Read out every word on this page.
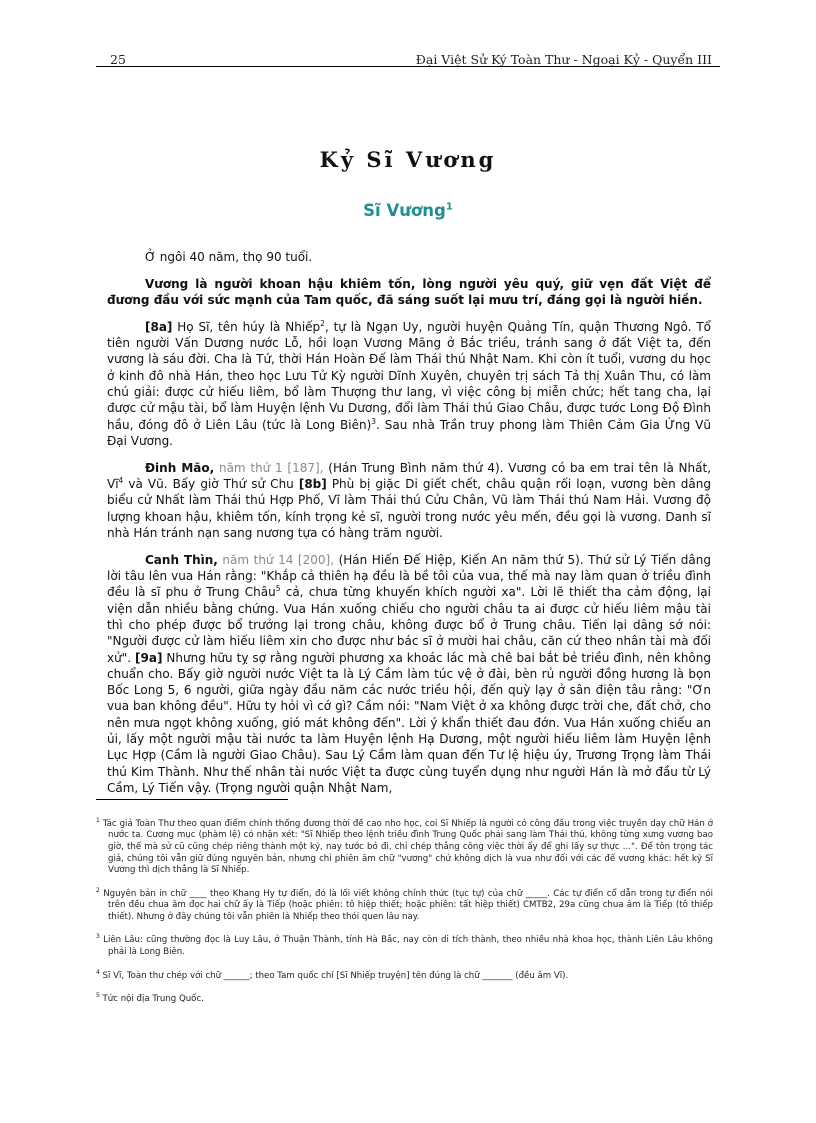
25	Đại Việt Sử Ký Toàn Thư - Ngoại Kỷ - Quyển III
Kỷ Sĩ Vương
Sĩ Vương$^1$

Ở ngôi 40 năm, thọ 90 tuổi.

Vương là người khoan hậu khiêm tốn, lòng người yêu quý, giữ vẹn đất Việt để đương đầu với sức mạnh của Tam quốc, đã sáng suốt lại mưu trí, đáng gọi là người hiền.

[8a] Họ Sĩ, tên húy là Nhiếp$^2$, tự là Ngạn Uy, người huyện Quảng Tín, quận Thương Ngô. Tổ tiên người Vấn Dương nước Lỗ, hồi loạn Vương Mãng ở Bắc triều, tránh sang ở đất Việt ta, đến vương là sáu đời. Cha là Tứ, thời Hán Hoàn Đế làm Thái thú Nhật Nam. Khi còn ít tuổi, vương du học ở kinh đô nhà Hán, theo học Lưu Tử Kỳ người Dĩnh Xuyên, chuyên trị sách Tả thị Xuân Thu, có làm chú giải: được cử hiếu liêm, bổ làm Thượng thư lang, vì việc công bị miễn chức; hết tang cha, lại được cử mậu tài, bổ làm Huyện lệnh Vu Dương, đổi làm Thái thú Giao Châu, được tước Long Độ Đình hầu, đóng đô ở Liên Lâu (tức là Long Biên)$^3$. Sau nhà Trần truy phong làm Thiên Cảm Gia Ứng Vũ Đại Vương.

Đinh Mão, năm thứ 1 [187], (Hán Trung Bình năm thứ 4). Vương có ba em trai tên là Nhất, $Vĩ^4$ và Vũ. Bấy giờ Thứ sử Chu [8b] Phù bị giặc Di giết chết, châu quận rối loạn, vương bèn dâng biểu cử Nhất làm Thái thú Hợp Phố, Vĩ làm Thái thú Cửu Chân, Vũ làm Thái thú Nam Hải. Vương độ lượng khoan hậu, khiêm tốn, kính trọng kẻ sĩ, người trong nước yêu mến, đều gọi là vương. Danh sĩ nhà Hán tránh nạn sang nương tựa có hàng trăm người.

Canh Thìn, năm thứ 14 [200], (Hán Hiến Đế Hiệp, Kiến An năm thứ 5). Thứ sử Lý Tiến dâng lời tâu lên vua Hán rằng: "Khắp cả thiên hạ đều là bề tôi của vua, thế mà nay làm quan ở triều đình đều là sĩ phu ở Trung Châu$^5$ cả, chưa từng khuyến khích người xa". Lời lẽ thiết tha cảm động, lại viện dẫn nhiều bằng chứng. Vua Hán xuống chiếu cho người châu ta ai được cử hiếu liêm mậu tài thì cho phép được bổ trưởng lại trong châu, không được bổ ở Trung châu. Tiến lại dâng sớ nói: "Người được cử làm hiếu liêm xin cho được như bác sĩ ở mười hai châu, căn cứ theo nhân tài mà đối xử". [9a] Nhưng hữu tỵ sợ rằng người phương xa khoác lác mà chê bai bắt bẻ triều đình, nên không chuẩn cho. Bấy giờ người nước Việt ta là Lý Cầm làm túc vệ ở đài, bèn rủ người đồng hương là bọn Bốc Long 5, 6 người, giữa ngày đầu năm các nước triều hội, đến quỳ lạy ở sân điện tâu rằng: "Ơn vua ban không đều". Hữu ty hỏi vì cớ gì? Cầm nói: "Nam Việt ở xa không được trời che, đất chở, cho nên mưa ngọt không xuống, gió mát không đến". Lời ý khẩn thiết đau đớn. Vua Hán xuống chiếu an ủi, lấy một người mậu tài nước ta làm Huyện lệnh Hạ Dương, một người hiếu liêm làm Huyện lệnh Lục Hợp (Cầm là người Giao Châu). Sau Lý Cầm làm quan đến Tư lệ hiệu úy, Trương Trọng làm Thái thú Kim Thành. Như thế nhân tài nước Việt ta được cùng tuyển dụng như người Hán là mở đầu từ Lý Cầm, Lý Tiến vậy. (Trọng người quận Nhật Nam,

$^1$ Tác giả Toàn Thư theo quan điểm chính thống đương thời đề cao nho học, coi Sĩ Nhiếp là người có công đầu trong việc truyền dạy chữ Hán ở nước ta. Cương mục (phàm lệ) có nhận xét: "Sĩ Nhiếp theo lệnh triều đình Trung Quốc phái sang làm Thái thú, không từng xưng vương bao giờ, thế mà sử cũ cũng chép riêng thành một kỷ, nay tước bỏ đi, chỉ chép thẳng công việc thời ấy để ghi lấy sự thực ...". Để tôn trọng tác giả, chúng tôi vẫn giữ đúng nguyên bản, nhưng chỉ phiên âm chữ "vương" chứ không dịch là vua như đối với các đế vương khác: hết kỷ Sĩ Vương thì dịch thẳng là Sĩ Nhiếp.
$^2$ Nguyên bản in chữ ____ theo Khang Hy tự điển, đó là lối viết không chính thức (tục tự) của chữ _____. Các tự điển cổ dẫn trong tự điển nói trên đều chua âm đọc hai chữ ấy là Tiếp (hoặc phiên: tô hiệp thiết; hoặc phiên: tất hiệp thiết) CMTB2, 29a cũng chua âm là Tiếp (tô thiếp thiết). Nhưng ở đây chúng tôi vẫn phiên là Nhiếp theo thói quen lâu nay.
$^3$ Liên Lâu: cũng thường đọc là Luy Lâu, ở Thuận Thành, tỉnh Hà Bắc, nay còn di tích thành, theo nhiều nhà khoa học, thành Liên Lâu không phải là Long Biên.
$^4$ Sĩ Vĩ, Toàn thư chép với chữ ______; theo Tam quốc chí [Sĩ Nhiếp truyện] tên đúng là chữ _______ (đều âm Vĩ).
$^5$ Tức nội địa Trung Quốc.
